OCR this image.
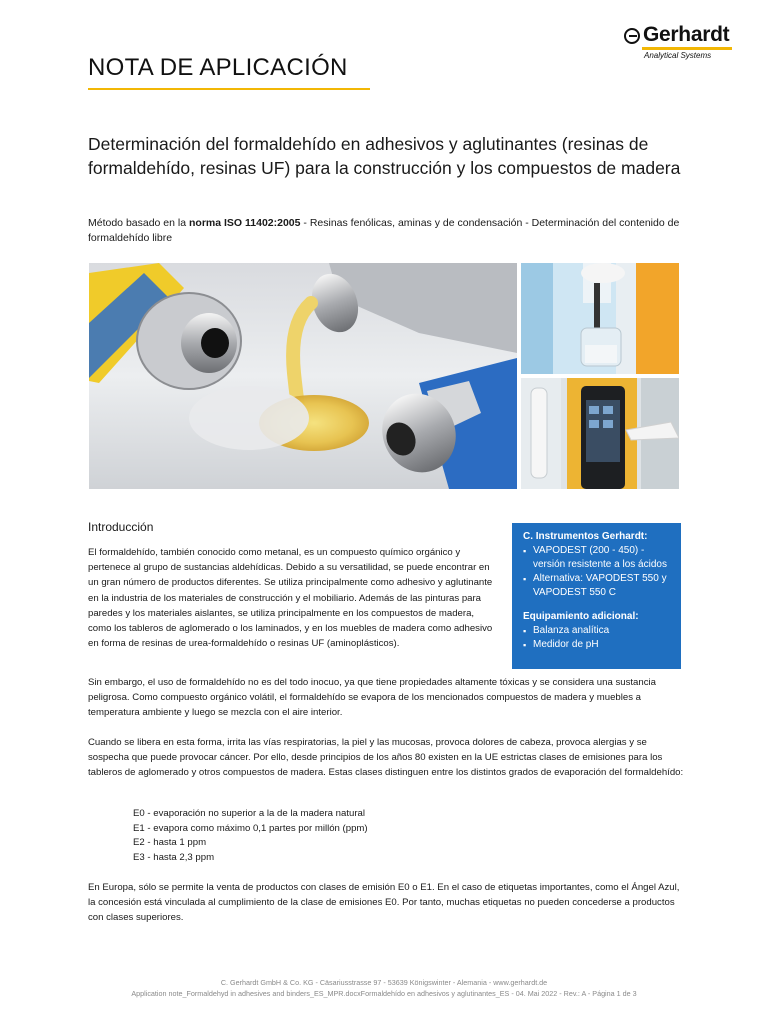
NOTA DE APLICACIÓN
Gerhardt
Analytical Systems
Determinación del formaldehído en adhesivos y aglutinantes (resinas de formaldehído, resinas UF) para la construcción y los compuestos de madera
Método basado en la norma ISO 11402:2005 - Resinas fenólicas, aminas y de condensación - Determinación del contenido de formaldehído libre
C. Instrumentos Gerhardt:
▪ VAPODEST (200 - 450) - versión resistente a los ácidos
▪ Alternativa: VAPODEST 550 y VAPODEST 550 C
Equipamiento adicional:
▪ Balanza analítica
▪ Medidor de pH
Introducción
El formaldehído, también conocido como metanal, es un compuesto químico orgánico y pertenece al grupo de sustancias aldehídicas. Debido a su versatilidad, se puede encontrar en un gran número de productos diferentes. Se utiliza principalmente como adhesivo y aglutinante en la industria de los materiales de construcción y el mobiliario. Además de las pinturas para paredes y los materiales aislantes, se utiliza principalmente en los compuestos de madera, como los tableros de aglomerado o los laminados, y en los muebles de madera como adhesivo en forma de resinas de urea-formaldehído o resinas UF (aminoplásticos).
Sin embargo, el uso de formaldehído no es del todo inocuo, ya que tiene propiedades altamente tóxicas y se considera una sustancia peligrosa. Como compuesto orgánico volátil, el formaldehído se evapora de los mencionados compuestos de madera y muebles a temperatura ambiente y luego se mezcla con el aire interior.
Cuando se libera en esta forma, irrita las vías respiratorias, la piel y las mucosas, provoca dolores de cabeza, provoca alergias y se sospecha que puede provocar cáncer. Por ello, desde principios de los años 80 existen en la UE estrictas clases de emisiones para los tableros de aglomerado y otros compuestos de madera. Estas clases distinguen entre los distintos grados de evaporación del formaldehído:
E0 - evaporación no superior a la de la madera natural
E1 - evapora como máximo 0,1 partes por millón (ppm)
E2 - hasta 1 ppm
E3 - hasta 2,3 ppm
En Europa, sólo se permite la venta de productos con clases de emisión E0 o E1. En el caso de etiquetas importantes, como el Ángel Azul, la concesión está vinculada al cumplimiento de la clase de emisiones E0. Por tanto, muchas etiquetas no pueden concederse a productos con clases superiores.
C. Gerhardt GmbH & Co. KG - Cäsariusstrasse 97 - 53639 Königswinter - Alemania - www.gerhardt.de
Application note_Formaldehyd in adhesives and binders_ES_MPR.docxFormaldehído en adhesivos y aglutinantes_ES - 04. Mai 2022 - Rev.: A - Página 1 de 3
